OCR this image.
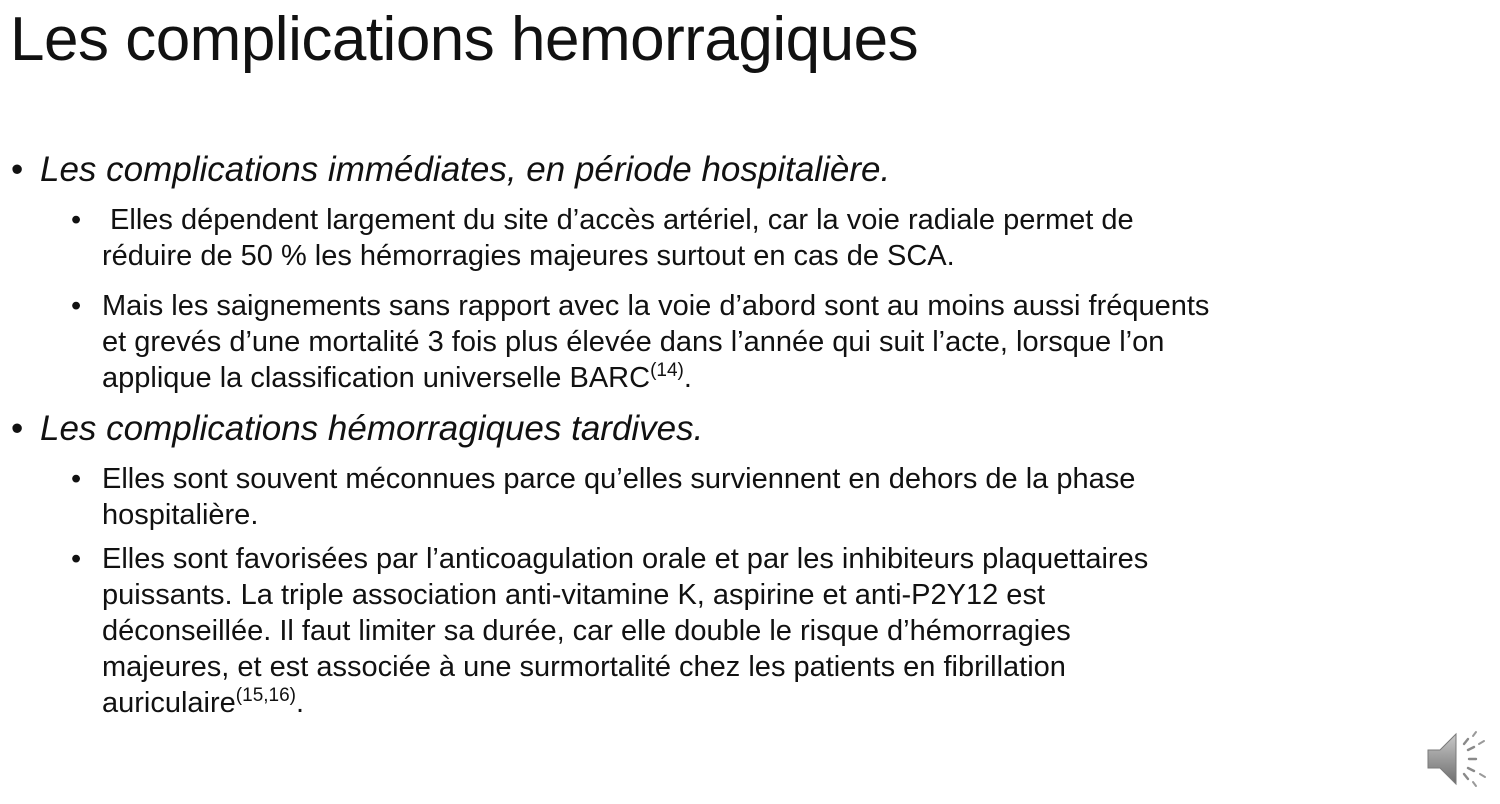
Les complications hemorragiques
• Les complications immédiates, en période hospitalière.
• Elles dépendent largement du site d’accès artériel, car la voie radiale permet de
réduire de 50 % les hémorragies majeures surtout en cas de SCA.
• Mais les saignements sans rapport avec la voie d’abord sont au moins aussi fréquents
et grevés d’une mortalité 3 fois plus élevée dans l’année qui suit l’acte, lorsque l’on
applique la classification universelle BARC$^{(14)}$.
• Les complications hémorragiques tardives.
• Elles sont souvent méconnues parce qu’elles surviennent en dehors de la phase
hospitalière.
• Elles sont favorisées par l’anticoagulation orale et par les inhibiteurs plaquettaires
puissants. La triple association anti-vitamine K, aspirine et anti-P2Y12 est
déconseillée. Il faut limiter sa durée, car elle double le risque d’hémorragies
majeures, et est associée à une surmortalité chez les patients en fibrillation
auriculaire$^{(15,16)}$.
